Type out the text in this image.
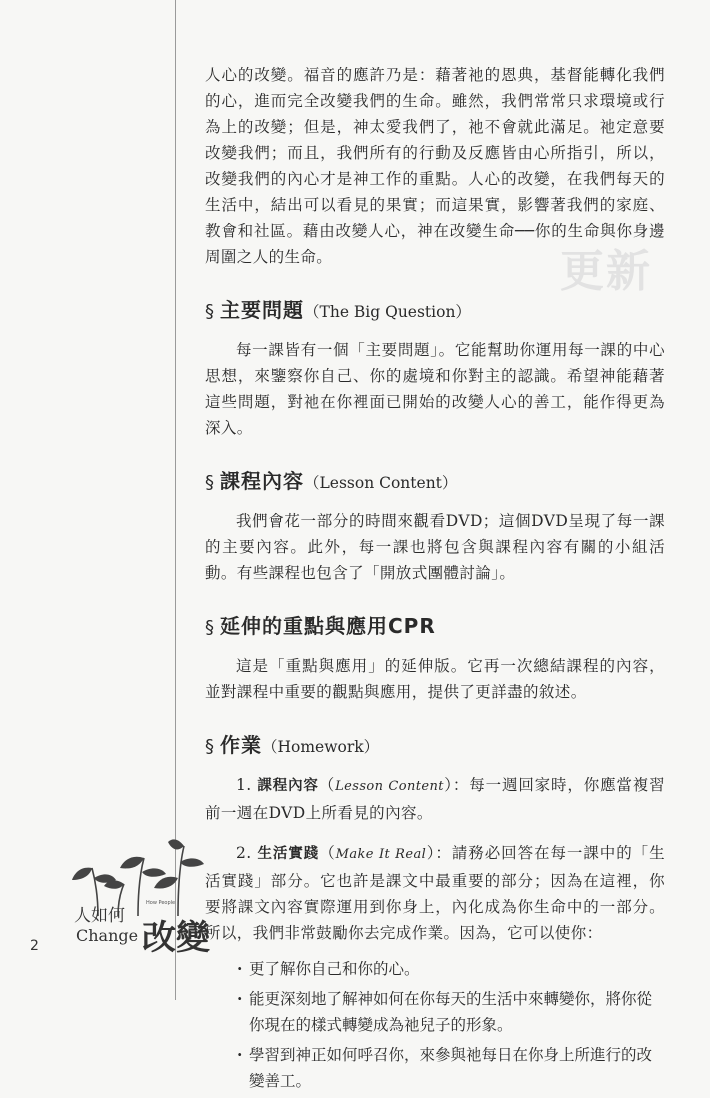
更新

人心的改變。福音的應許乃是：藉著祂的恩典，基督能轉化我們的心，進而完全改變我們的生命。雖然，我們常常只求環境或行為上的改變；但是，神太愛我們了，祂不會就此滿足。祂定意要改變我們；而且，我們所有的行動及反應皆由心所指引，所以，改變我們的內心才是神工作的重點。人心的改變，在我們每天的生活中，結出可以看見的果實；而這果實，影響著我們的家庭、教會和社區。藉由改變人心，神在改變生命──你的生命與你身邊周圍之人的生命。

§ 主要問題 （The Big Question）

每一課皆有一個「主要問題」。它能幫助你運用每一課的中心思想，來鑒察你自己、你的處境和你對主的認識。希望神能藉著這些問題，對祂在你裡面已開始的改變人心的善工，能作得更為深入。

§ 課程內容 （Lesson Content）

我們會花一部分的時間來觀看DVD；這個DVD呈現了每一課的主要內容。此外，每一課也將包含與課程內容有關的小組活動。有些課程也包含了「開放式團體討論」。

§ 延伸的重點與應用CPR

這是「重點與應用」的延伸版。它再一次總結課程的內容，並對課程中重要的觀點與應用，提供了更詳盡的敘述。

§ 作業 （Homework）

1. 課程內容（Lesson Content）：每一週回家時，你應當複習前一週在DVD上所看見的內容。

2. 生活實踐（Make It Real）：請務必回答在每一課中的「生活實踐」部分。它也許是課文中最重要的部分；因為在這裡，你要將課文內容實際運用到你身上，內化成為你生命中的一部分。所以，我們非常鼓勵你去完成作業。因為，它可以使你：

· 更了解你自己和你的心。
· 能更深刻地了解神如何在你每天的生活中來轉變你，將你從你現在的樣式轉變成為祂兒子的形象。
· 學習到神正如何呼召你，來參與祂每日在你身上所進行的改變善工。
How People
人如何
Change 改變
2
